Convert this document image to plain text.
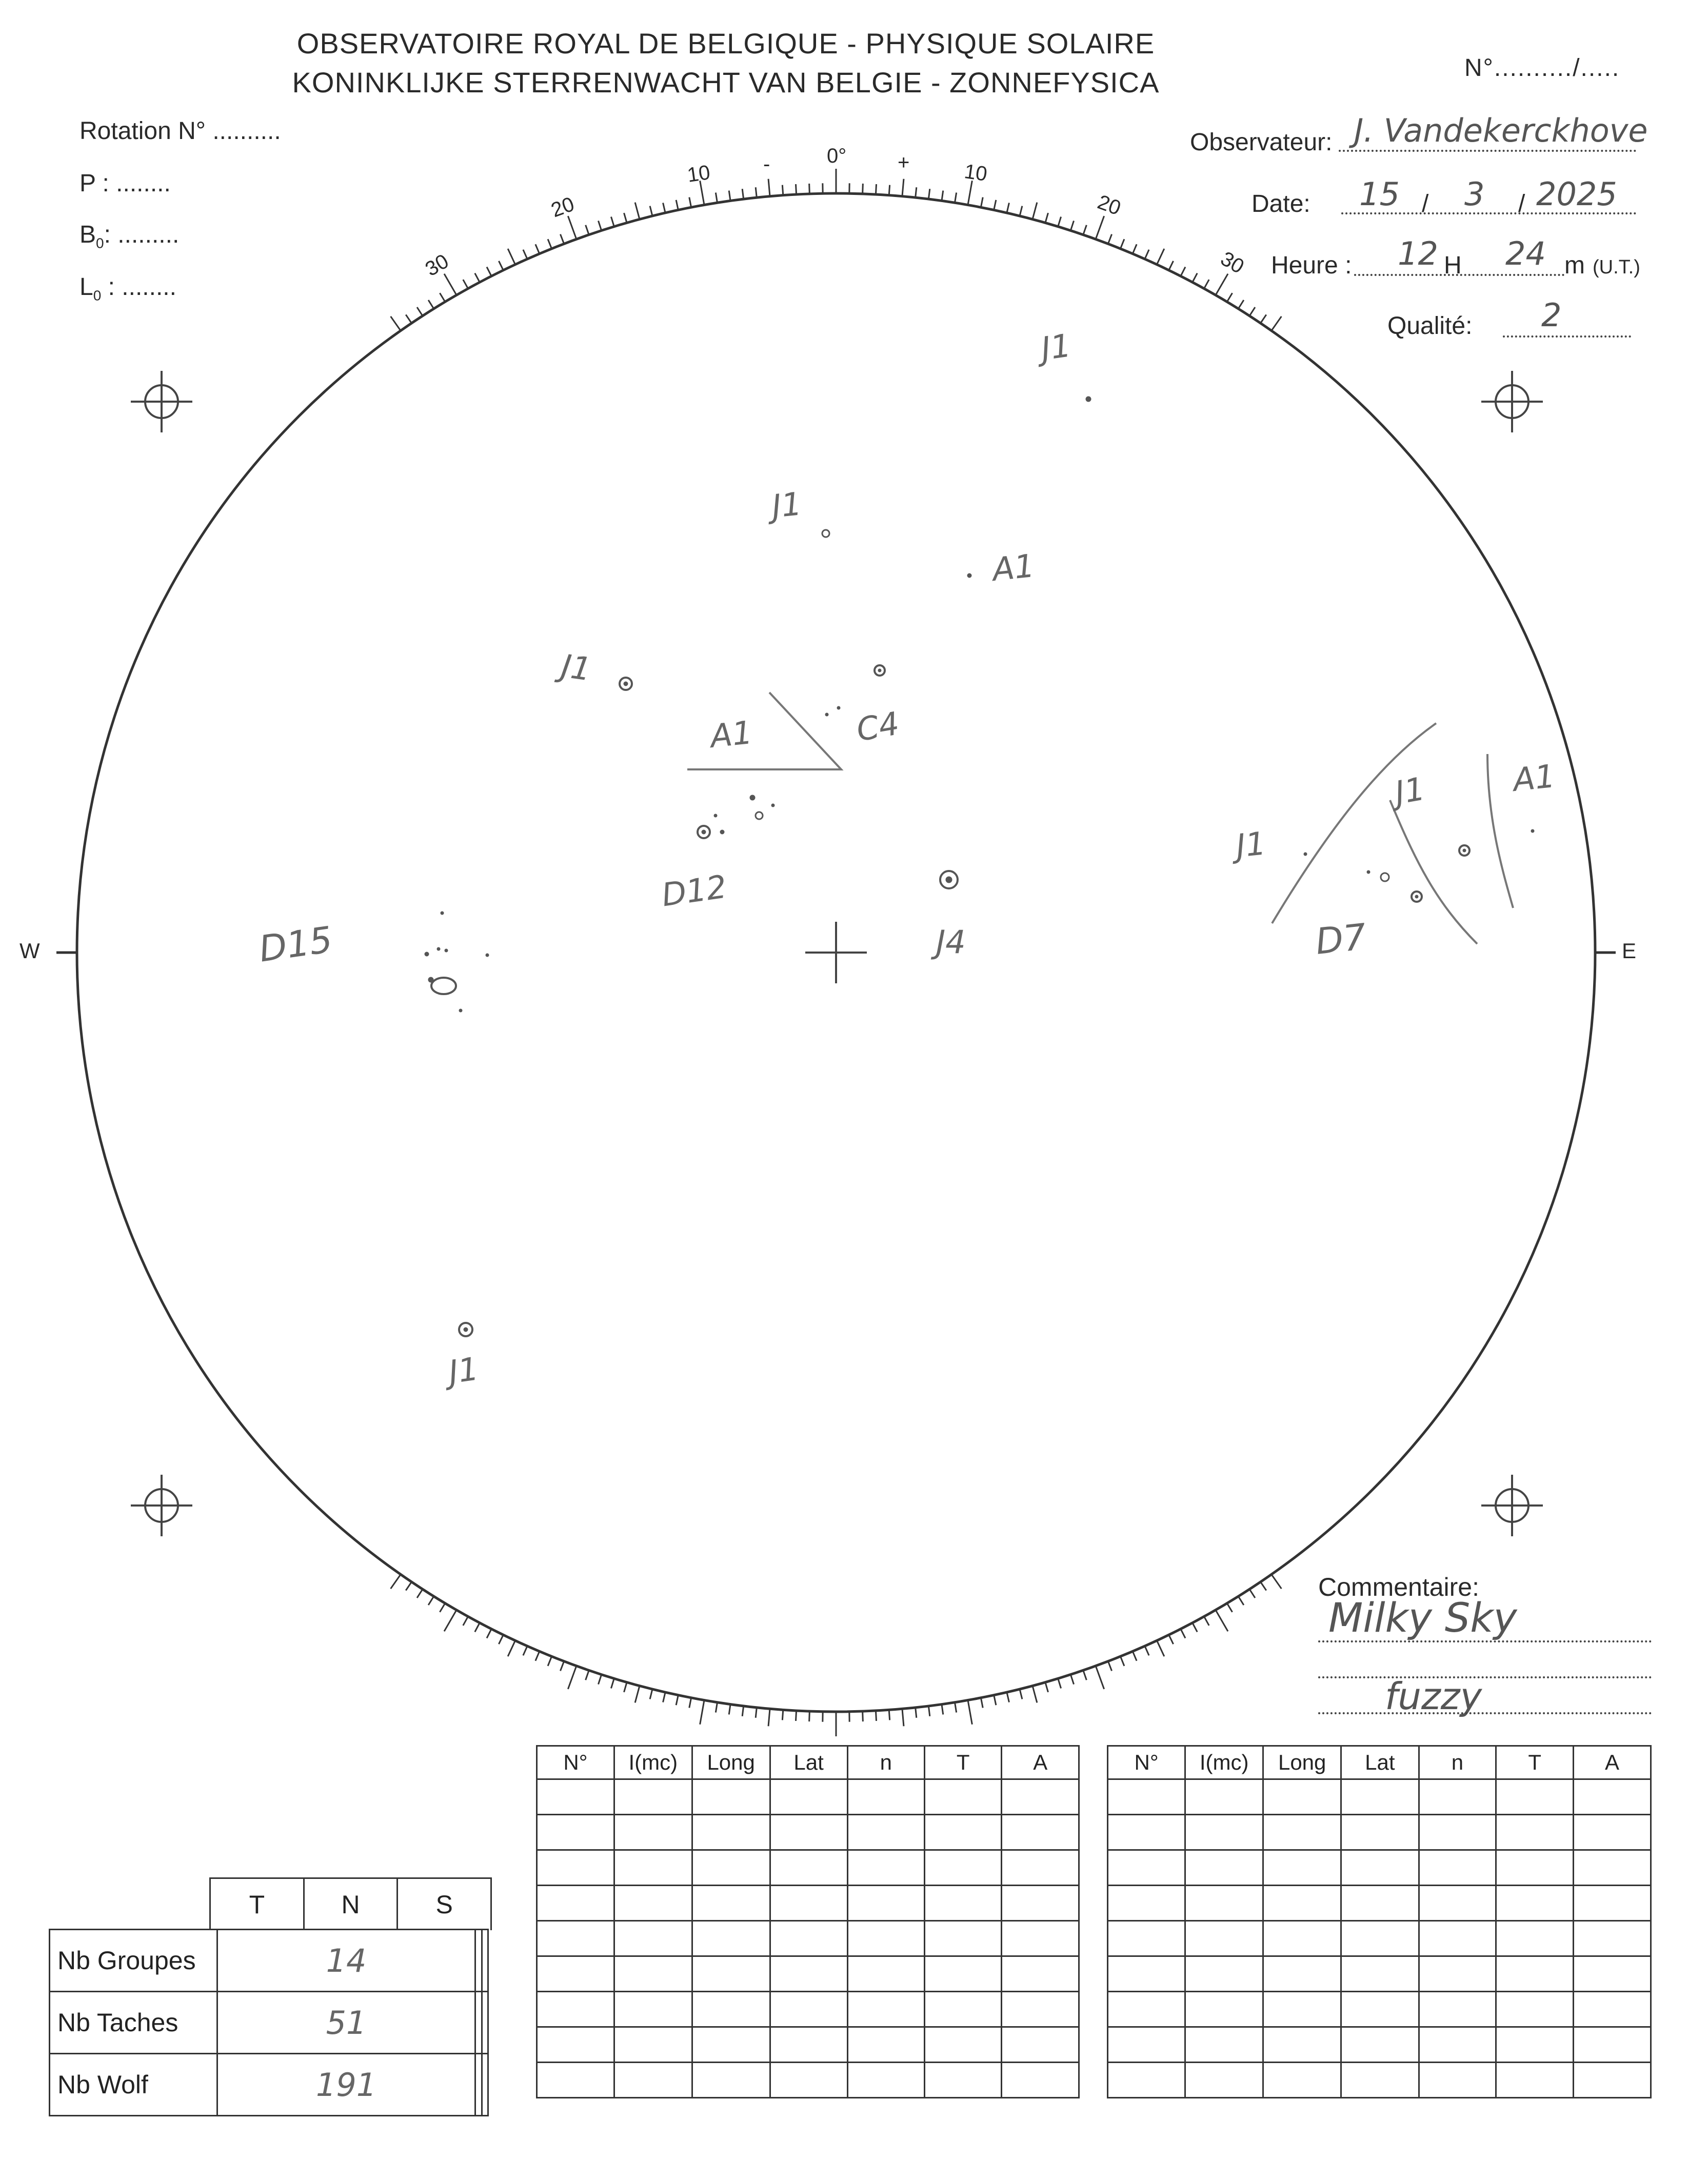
OBSERVATOIRE ROYAL DE BELGIQUE - PHYSIQUE SOLAIRE
KONINKLIJKE STERRENWACHT VAN BELGIE - ZONNEFYSICA	N°........../.....
Rotation N° ..........
P : ........
$B_0$: .........
$L_0$ : ........
Observateur: J. Vandekerckhove
Date: 15 / 3 / 2025
Heure : 12 H 24 m (U.T.)
Qualité: 2
W	E
30
20
10	-	0° +	10
20
30
J1
J1
A1
J1
A1	C4
D12
J4
D15
J1
J1	A1
D7
J1
Commentaire:
Milky Sky
fuzzy
N°	I(mc)	Long	Lat	n	T	A

							N°	I(mc)	Long	Lat	n	T	A

T	N	S
Nb Groupes	14		
Nb Taches	51		
Nb Wolf	191		
